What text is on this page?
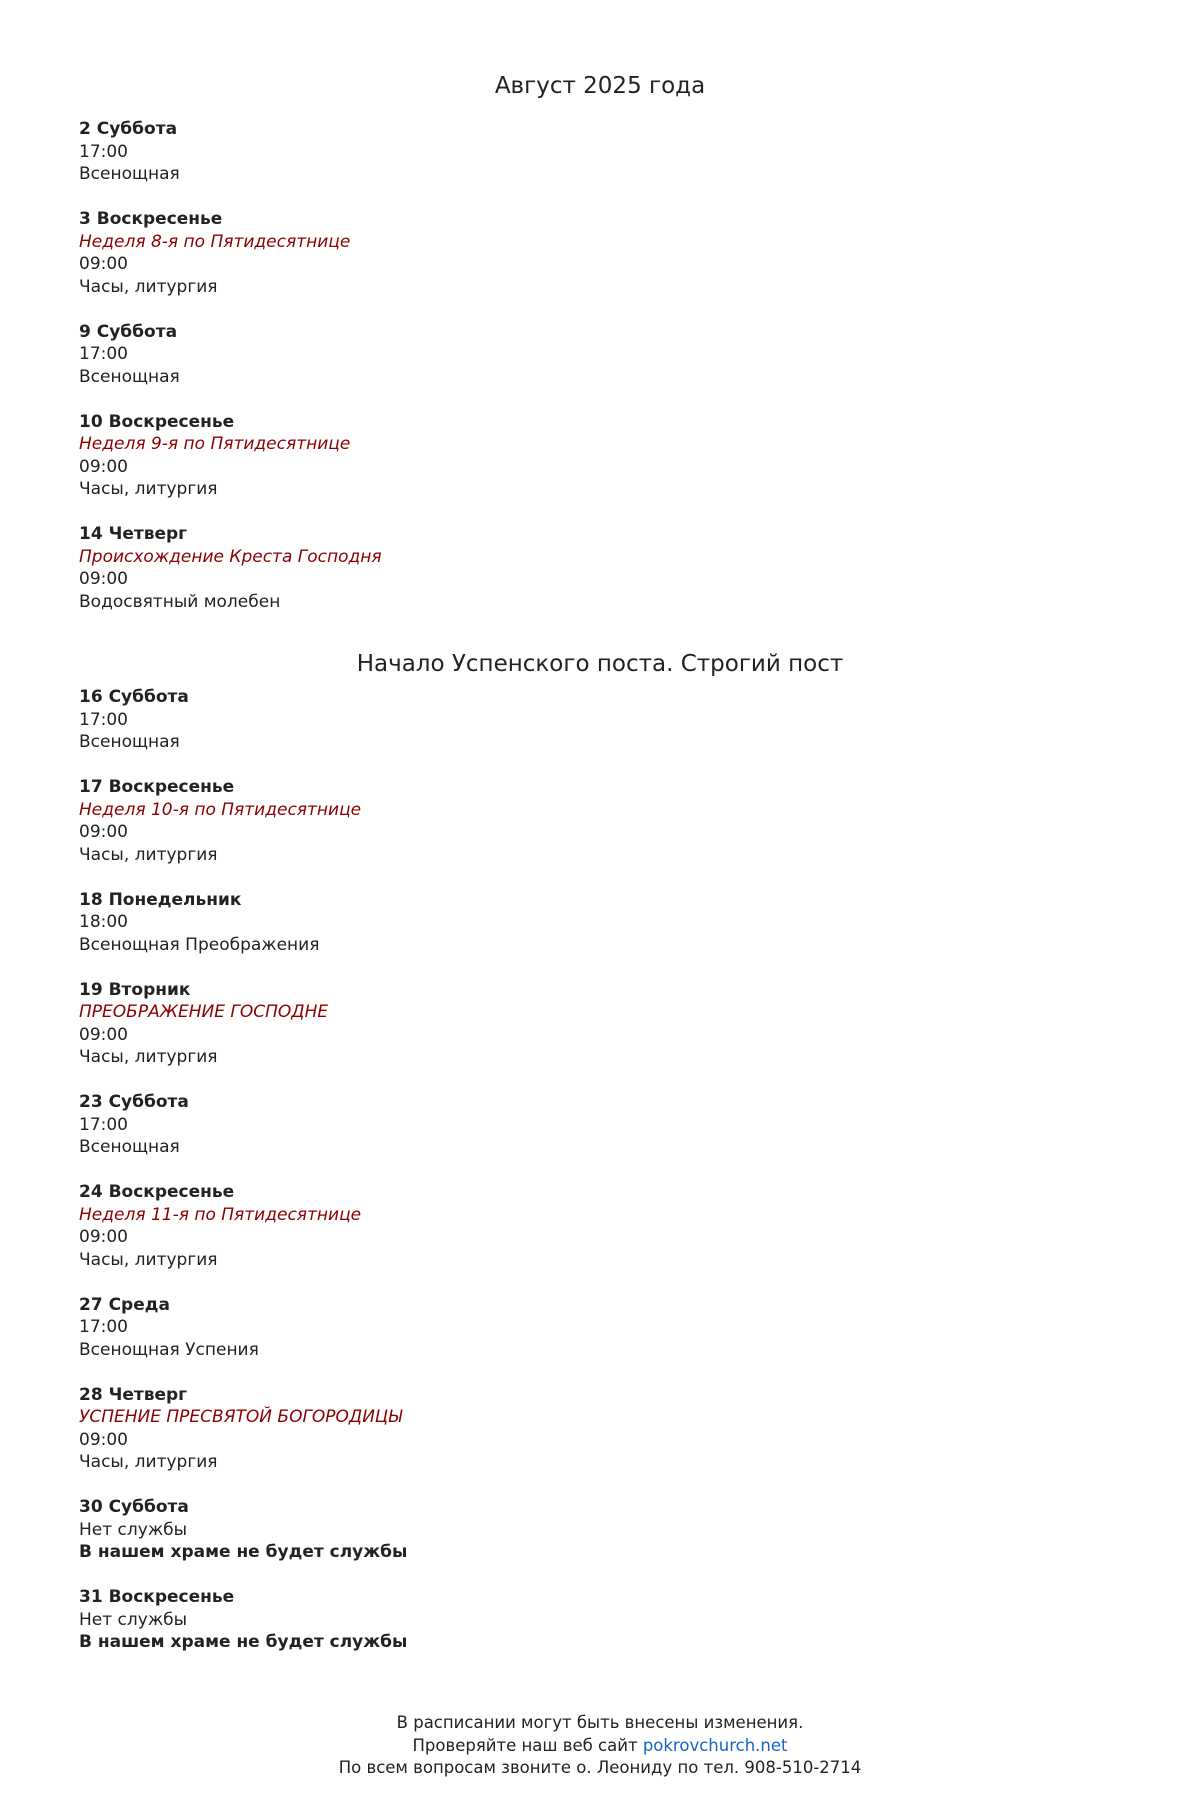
Август 2025 года
2 Суббота
17:00
Всенощная
3 Воскресенье
Неделя 8-я по Пятидесятнице
09:00
Часы, литургия
9 Суббота
17:00
Всенощная
10 Воскресенье
Неделя 9-я по Пятидесятнице
09:00
Часы, литургия
14 Четверг
Происхождение Креста Господня
09:00
Водосвятный молебен
Начало Успенского поста. Строгий пост
16 Суббота
17:00
Всенощная
17 Воскресенье
Неделя 10-я по Пятидесятнице
09:00
Часы, литургия
18 Понедельник
18:00
Всенощная Преображения
19 Вторник
ПРЕОБРАЖЕНИЕ ГОСПОДНЕ
09:00
Часы, литургия
23 Суббота
17:00
Всенощная
24 Воскресенье
Неделя 11-я по Пятидесятнице
09:00
Часы, литургия
27 Среда
17:00
Всенощная Успения
28 Четверг
УСПЕНИЕ ПРЕСВЯТОЙ БОГОРОДИЦЫ
09:00
Часы, литургия
30 Суббота
Нет службы
В нашем храме не будет службы
31 Воскресенье
Нет службы
В нашем храме не будет службы
В расписании могут быть внесены изменения.
Проверяйте наш веб сайт pokrovchurch.net
По всем вопросам звоните о. Леониду по тел. 908-510-2714
